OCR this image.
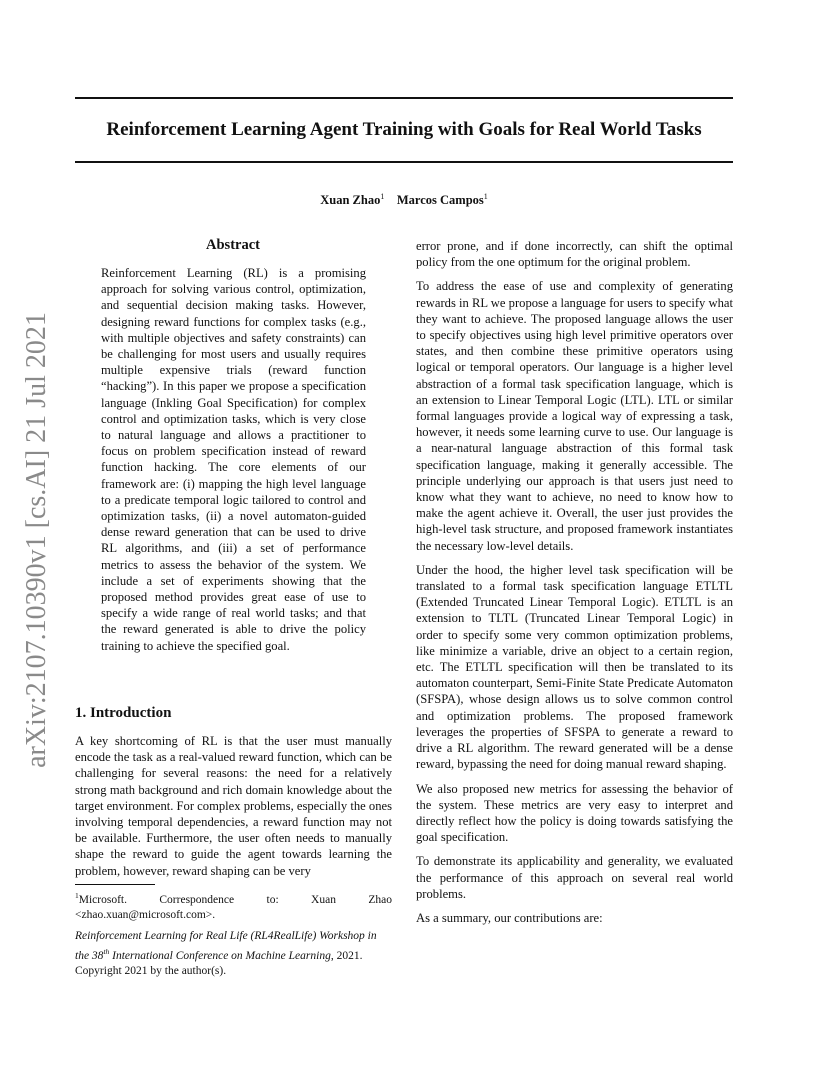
Reinforcement Learning Agent Training with Goals for Real World Tasks
Xuan Zhao$^1$ Marcos Campos$^1$
arXiv:2107.10390v1 [cs.AI] 21 Jul 2021
Abstract

Reinforcement Learning (RL) is a promising approach for solving various control, optimization, and sequential decision making tasks. However, designing reward functions for complex tasks (e.g., with multiple objectives and safety constraints) can be challenging for most users and usually requires multiple expensive trials (reward function “hacking”). In this paper we propose a specification language (Inkling Goal Specification) for complex control and optimization tasks, which is very close to natural language and allows a practitioner to focus on problem specification instead of reward function hacking. The core elements of our framework are: (i) mapping the high level language to a predicate temporal logic tailored to control and optimization tasks, (ii) a novel automaton-guided dense reward generation that can be used to drive RL algorithms, and (iii) a set of performance metrics to assess the behavior of the system. We include a set of experiments showing that the proposed method provides great ease of use to specify a wide range of real world tasks; and that the reward generated is able to drive the policy training to achieve the specified goal.

1. Introduction

A key shortcoming of RL is that the user must manually encode the task as a real-valued reward function, which can be challenging for several reasons: the need for a relatively strong math background and rich domain knowledge about the target environment. For complex problems, especially the ones involving temporal dependencies, a reward function may not be available. Furthermore, the user often needs to manually shape the reward to guide the agent towards learning the problem, however, reward shaping can be very

$^1$Microsoft. Correspondence to: Xuan Zhao <zhao.xuan@microsoft.com>.
Reinforcement Learning for Real Life (RL4RealLife) Workshop in the 38th International Conference on Machine Learning, 2021. Copyright 2021 by the author(s).

error prone, and if done incorrectly, can shift the optimal policy from the one optimum for the original problem.

To address the ease of use and complexity of generating rewards in RL we propose a language for users to specify what they want to achieve. The proposed language allows the user to specify objectives using high level primitive operators over states, and then combine these primitive operators using logical or temporal operators. Our language is a higher level abstraction of a formal task specification language, which is an extension to Linear Temporal Logic (LTL). LTL or similar formal languages provide a logical way of expressing a task, however, it needs some learning curve to use. Our language is a near-natural language abstraction of this formal task specification language, making it generally accessible. The principle underlying our approach is that users just need to know what they want to achieve, no need to know how to make the agent achieve it. Overall, the user just provides the high-level task structure, and proposed framework instantiates the necessary low-level details.

Under the hood, the higher level task specification will be translated to a formal task specification language ETLTL (Extended Truncated Linear Temporal Logic). ETLTL is an extension to TLTL (Truncated Linear Temporal Logic) in order to specify some very common optimization problems, like minimize a variable, drive an object to a certain region, etc. The ETLTL specification will then be translated to its automaton counterpart, Semi-Finite State Predicate Automaton (SFSPA), whose design allows us to solve common control and optimization problems. The proposed framework leverages the properties of SFSPA to generate a reward to drive a RL algorithm. The reward generated will be a dense reward, bypassing the need for doing manual reward shaping.

We also proposed new metrics for assessing the behavior of the system. These metrics are very easy to interpret and directly reflect how the policy is doing towards satisfying the goal specification.

To demonstrate its applicability and generality, we evaluated the performance of this approach on several real world problems.

As a summary, our contributions are:
